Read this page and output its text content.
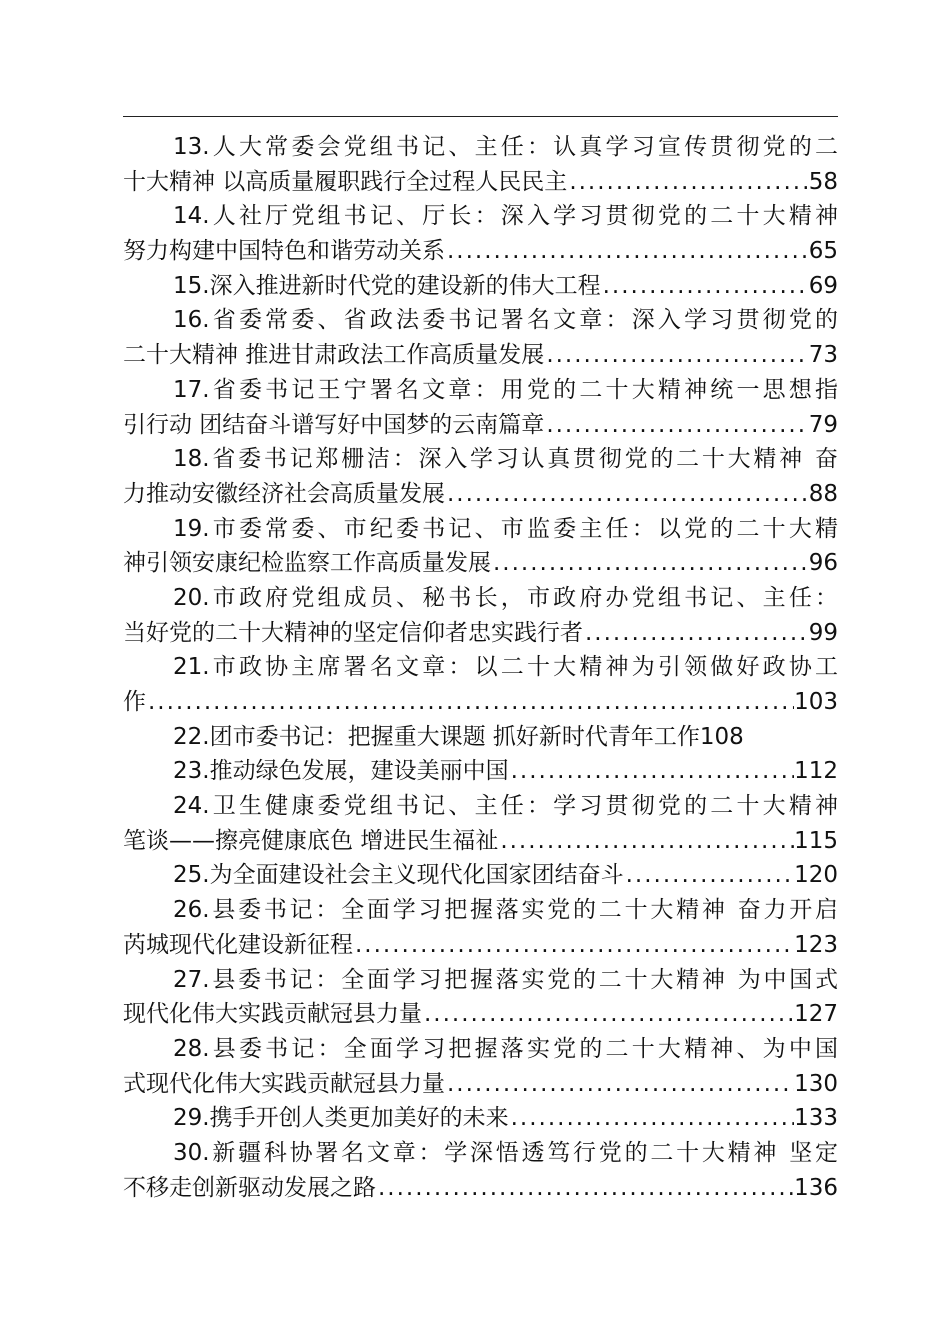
13.人大常委会党组书记、主任：认真学习宣传贯彻党的二
十大精神 以高质量履职践行全过程人民民主 .....	58
14.人社厅党组书记、厅长：深入学习贯彻党的二十大精神
努力构建中国特色和谐劳动关系 .....	65
15.深入推进新时代党的建设新的伟大工程 .....	69
16.省委常委、省政法委书记署名文章：深入学习贯彻党的
二十大精神 推进甘肃政法工作高质量发展 .....	73
17.省委书记王宁署名文章：用党的二十大精神统一思想指
引行动 团结奋斗谱写好中国梦的云南篇章 .....	79
18.省委书记郑栅洁：深入学习认真贯彻党的二十大精神 奋
力推动安徽经济社会高质量发展 .....	88
19.市委常委、市纪委书记、市监委主任：以党的二十大精
神引领安康纪检监察工作高质量发展 .....	96
20.市政府党组成员、秘书长，市政府办党组书记、主任：
当好党的二十大精神的坚定信仰者忠实践行者 .....	99
21.市政协主席署名文章：以二十大精神为引领做好政协工
作 .....	103
22.团市委书记：把握重大课题 抓好新时代青年工作 108
23.推动绿色发展，建设美丽中国 .....	112
24.卫生健康委党组书记、主任：学习贯彻党的二十大精神
笔谈——擦亮健康底色 增进民生福祉 .....	115
25.为全面建设社会主义现代化国家团结奋斗 .....	120
26.县委书记：全面学习把握落实党的二十大精神 奋力开启
芮城现代化建设新征程 .....	123
27.县委书记：全面学习把握落实党的二十大精神 为中国式
现代化伟大实践贡献冠县力量 .....	127
28.县委书记：全面学习把握落实党的二十大精神、为中国
式现代化伟大实践贡献冠县力量 .....	130
29.携手开创人类更加美好的未来 .....	133
30.新疆科协署名文章：学深悟透笃行党的二十大精神 坚定
不移走创新驱动发展之路 .....	136
